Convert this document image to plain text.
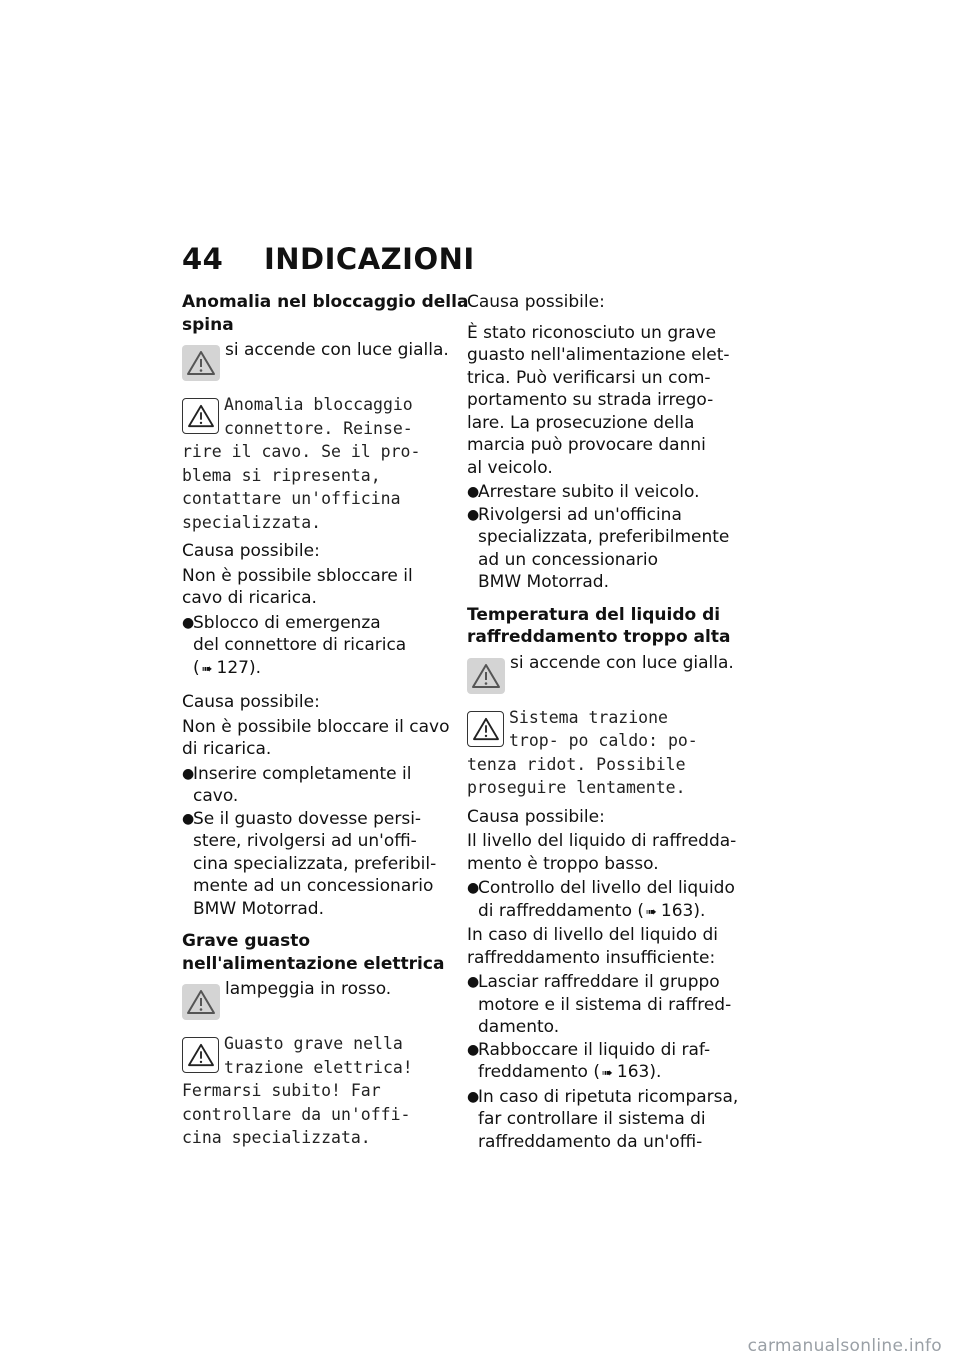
44 INDICAZIONI
Anomalia nel bloccaggio della
spina
si accende con luce gialla.
Anomalia bloccaggio
connettore. Reinse-
rire il cavo. Se il pro-
blema si ripresenta,
contattare un'officina
specializzata.
Causa possibile:
Non è possibile sbloccare il
cavo di ricarica.
●
Sblocco di emergenza
del connettore di ricarica
( ➠ 127).
Causa possibile:
Non è possibile bloccare il cavo
di ricarica.
●
Inserire completamente il
cavo.
●
Se il guasto dovesse persi-
stere, rivolgersi ad un'offi-
cina specializzata, preferibil-
mente ad un concessionario
BMW Motorrad.
Grave guasto
nell'alimentazione elettrica
lampeggia in rosso.
Guasto grave nella
trazione elettrica!
Fermarsi subito! Far
controllare da un'offi-
cina specializzata.
Causa possibile:
È stato riconosciuto un grave
guasto nell'alimentazione elet-
trica. Può verificarsi un com-
portamento su strada irrego-
lare. La prosecuzione della
marcia può provocare danni
al veicolo.
●
Arrestare subito il veicolo.
●
Rivolgersi ad un'officina
specializzata, preferibilmente
ad un concessionario
BMW Motorrad.
Temperatura del liquido di
raffreddamento troppo alta
si accende con luce gialla.
Sistema trazione
trop- po caldo: po-
tenza ridot. Possibile
proseguire lentamente.
Causa possibile:
Il livello del liquido di raffredda-
mento è troppo basso.
●
Controllo del livello del liquido
di raffreddamento ( ➠ 163).
In caso di livello del liquido di
raffreddamento insufficiente:
●
Lasciar raffreddare il gruppo
motore e il sistema di raffred-
damento.
●
Rabboccare il liquido di raf-
freddamento ( ➠ 163).
●
In caso di ripetuta ricomparsa,
far controllare il sistema di
raffreddamento da un'offi-
carmanualsonline.info
